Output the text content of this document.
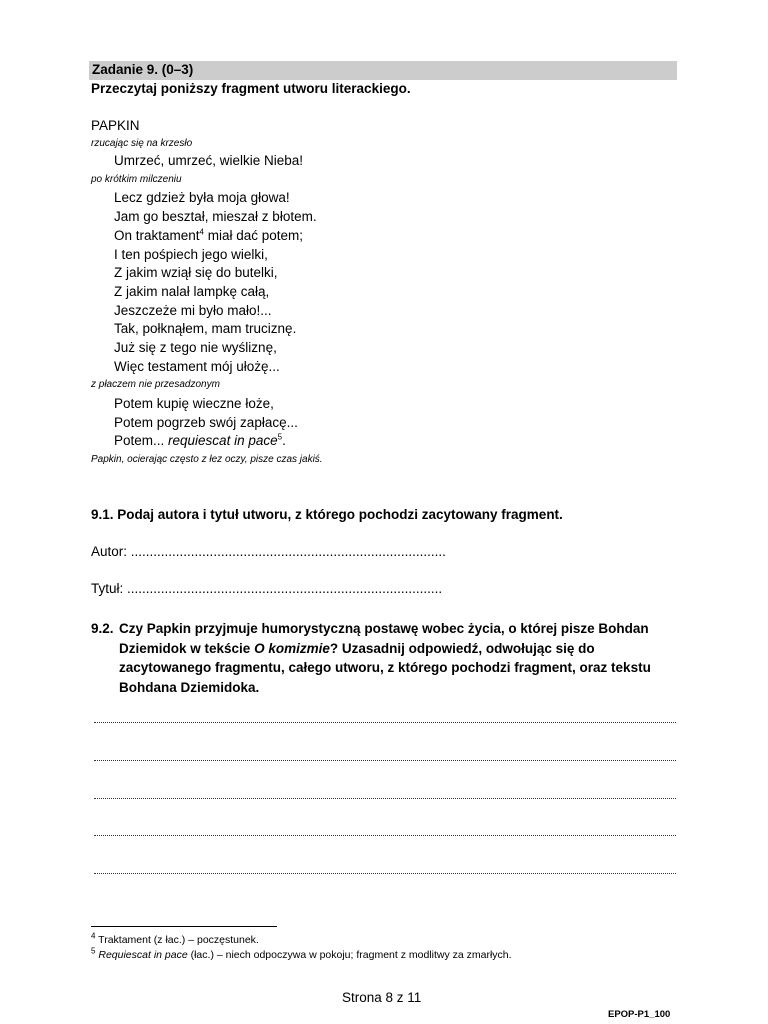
Zadanie 9. (0–3)
Przeczytaj poniższy fragment utworu literackiego.
PAPKIN
rzucając się na krzesło
Umrzeć, umrzeć, wielkie Nieba!
po krótkim milczeniu
Lecz gdzież była moja głowa!
Jam go beształ, mieszał z błotem.
On traktament$^4$ miał dać potem;
I ten pośpiech jego wielki,
Z jakim wziął się do butelki,
Z jakim nalał lampkę całą,
Jeszczeże mi było mało!...
Tak, połknąłem, mam truciznę.
Już się z tego nie wyśliznę,
Więc testament mój ułożę...
z płaczem nie przesadzonym
Potem kupię wieczne łoże,
Potem pogrzeb swój zapłacę...
Potem... requiescat in pace$^5$.
Papkin, ocierając często z łez oczy, pisze czas jakiś.
9.1. Podaj autora i tytuł utworu, z którego pochodzi zacytowany fragment.
Autor: ....................................................................................
Tytuł: ....................................................................................
9.2. Czy Papkin przyjmuje humorystyczną postawę wobec życia, o której pisze Bohdan
Dziemidok w tekście O komizmie? Uzasadnij odpowiedź, odwołując się do
zacytowanego fragmentu, całego utworu, z którego pochodzi fragment, oraz tekstu
Bohdana Dziemidoka.
$^4$ Traktament (z łac.) – poczęstunek.
$^5$ Requiescat in pace (łac.) – niech odpoczywa w pokoju; fragment z modlitwy za zmarłych.
Strona 8 z 11
EPOP-P1_100
